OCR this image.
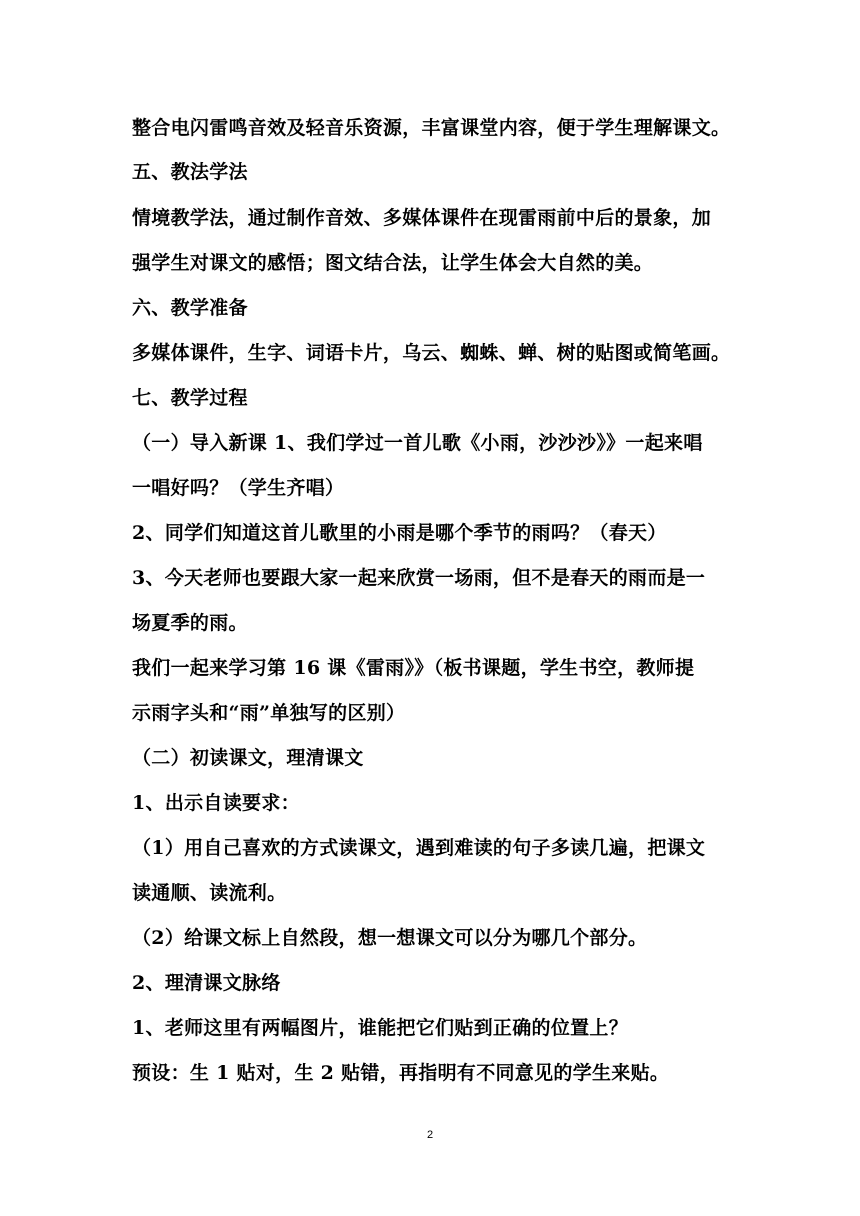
整合电闪雷鸣音效及轻音乐资源，丰富课堂内容，便于学生理解课文。
五、教法学法
情境教学法，通过制作音效、多媒体课件在现雷雨前中后的景象，加
强学生对课文的感悟；图文结合法，让学生体会大自然的美。
六、教学准备
多媒体课件，生字、词语卡片，乌云、蜘蛛、蝉、树的贴图或简笔画。
七、教学过程
（一）导入新课 1、我们学过一首儿歌《小雨，沙沙沙》》一起来唱
一唱好吗？（学生齐唱）
2、同学们知道这首儿歌里的小雨是哪个季节的雨吗？（春天）
3、今天老师也要跟大家一起来欣赏一场雨，但不是春天的雨而是一
场夏季的雨。
我们一起来学习第 16 课《雷雨》》（板书课题，学生书空，教师提
示雨字头和“雨”单独写的区别）
（二）初读课文，理清课文
1、出示自读要求：
（1）用自己喜欢的方式读课文，遇到难读的句子多读几遍，把课文
读通顺、读流利。
（2）给课文标上自然段，想一想课文可以分为哪几个部分。
2、理清课文脉络
1、老师这里有两幅图片，谁能把它们贴到正确的位置上？
预设：生 1 贴对，生 2 贴错，再指明有不同意见的学生来贴。
2
